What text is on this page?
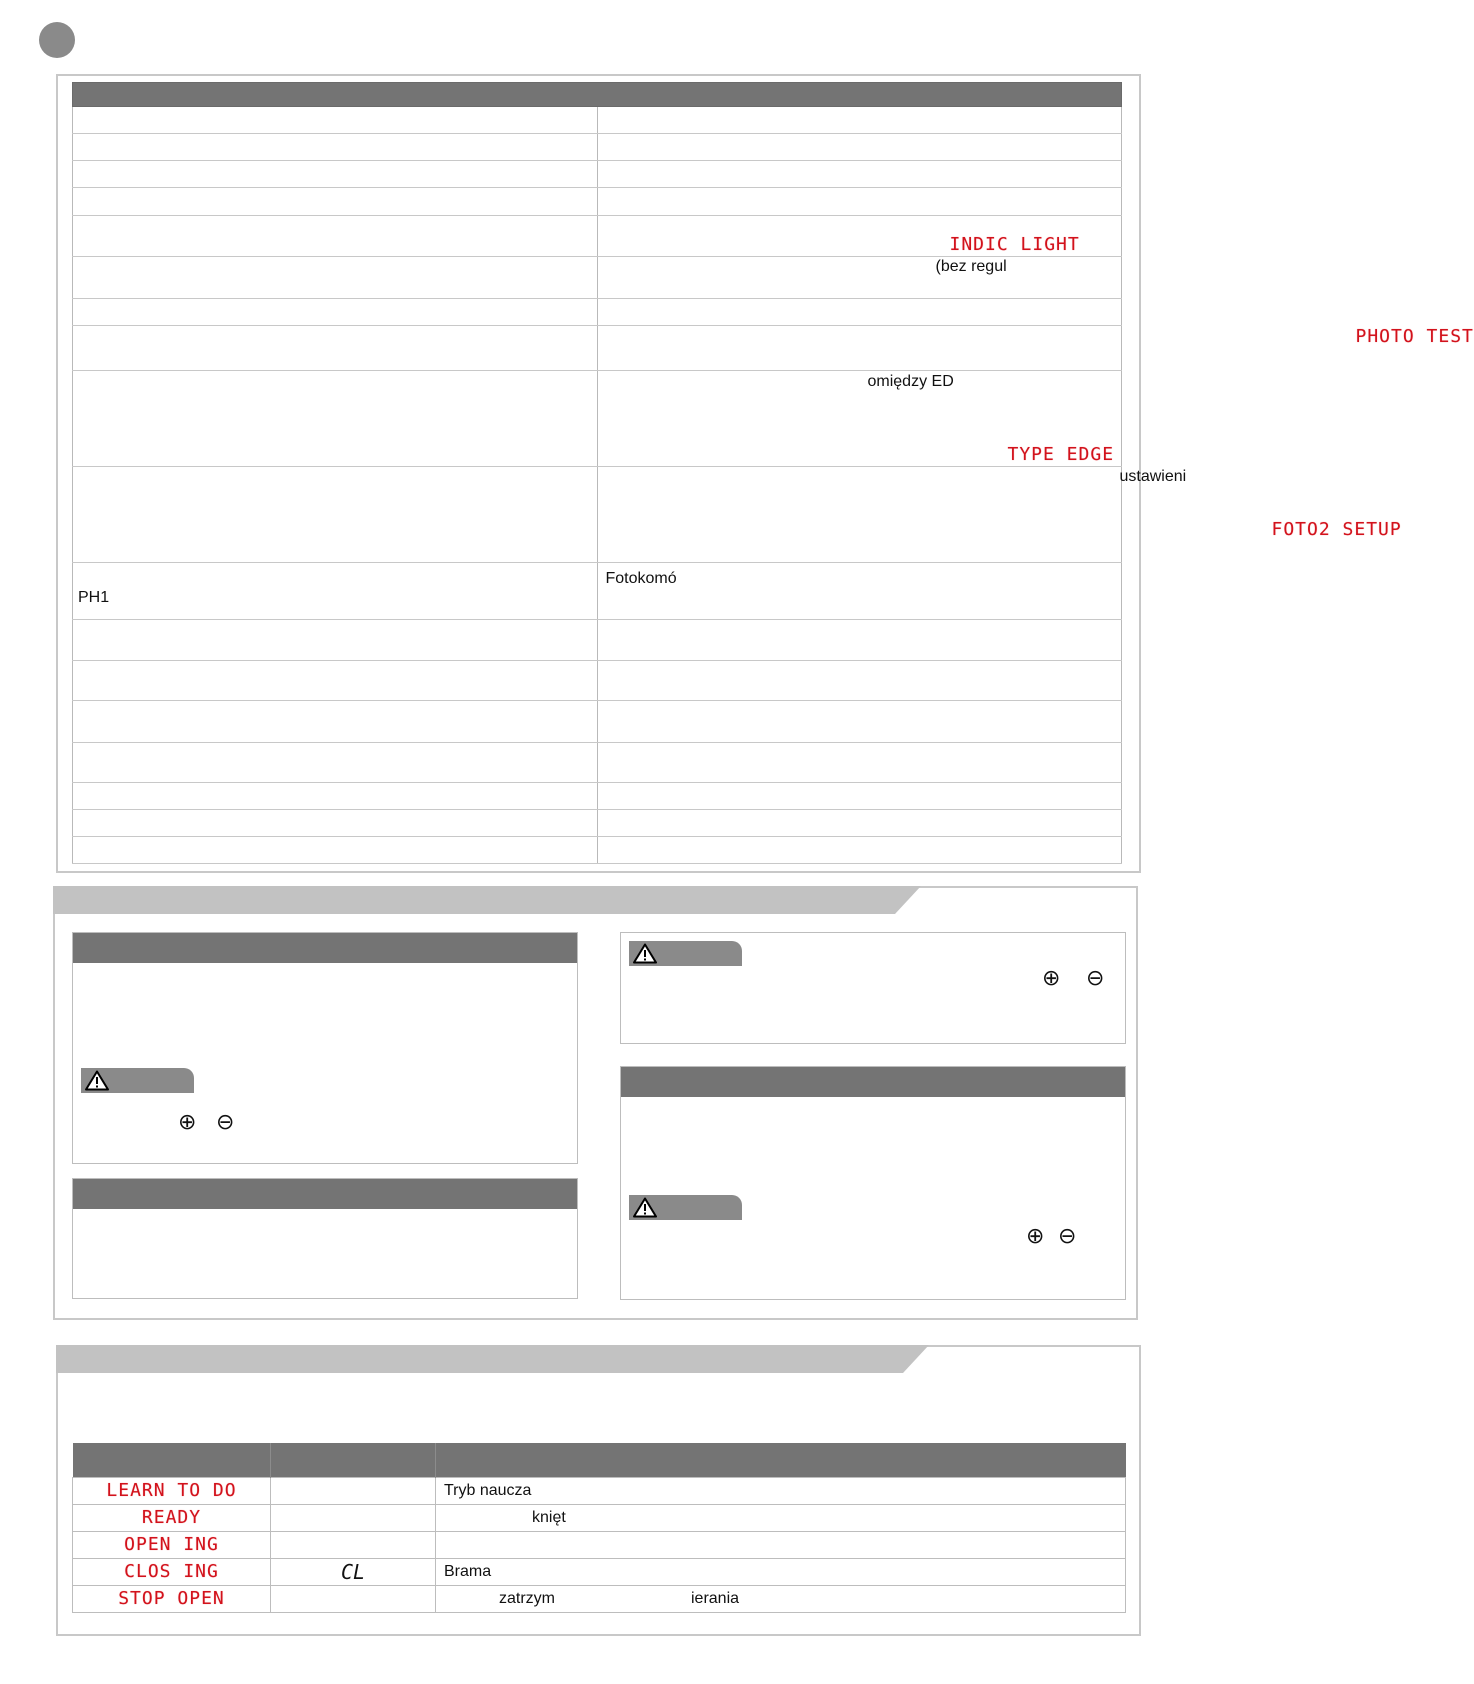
	INDIC LIGHT

	(bez regul

	PHOTO TEST

	omiędzy ED
TYPE EDGE

	ustawieni
FOTO2 SETUP

PH1	Fotokomó

⊕ ⊖
⊕ ⊖
⊕ ⊖

LEARN TO DO		Tryb naucza

READY		knięt

OPEN ING		

CLOS ING	CL	Brama

STOP OPEN		zatrzym ierania
